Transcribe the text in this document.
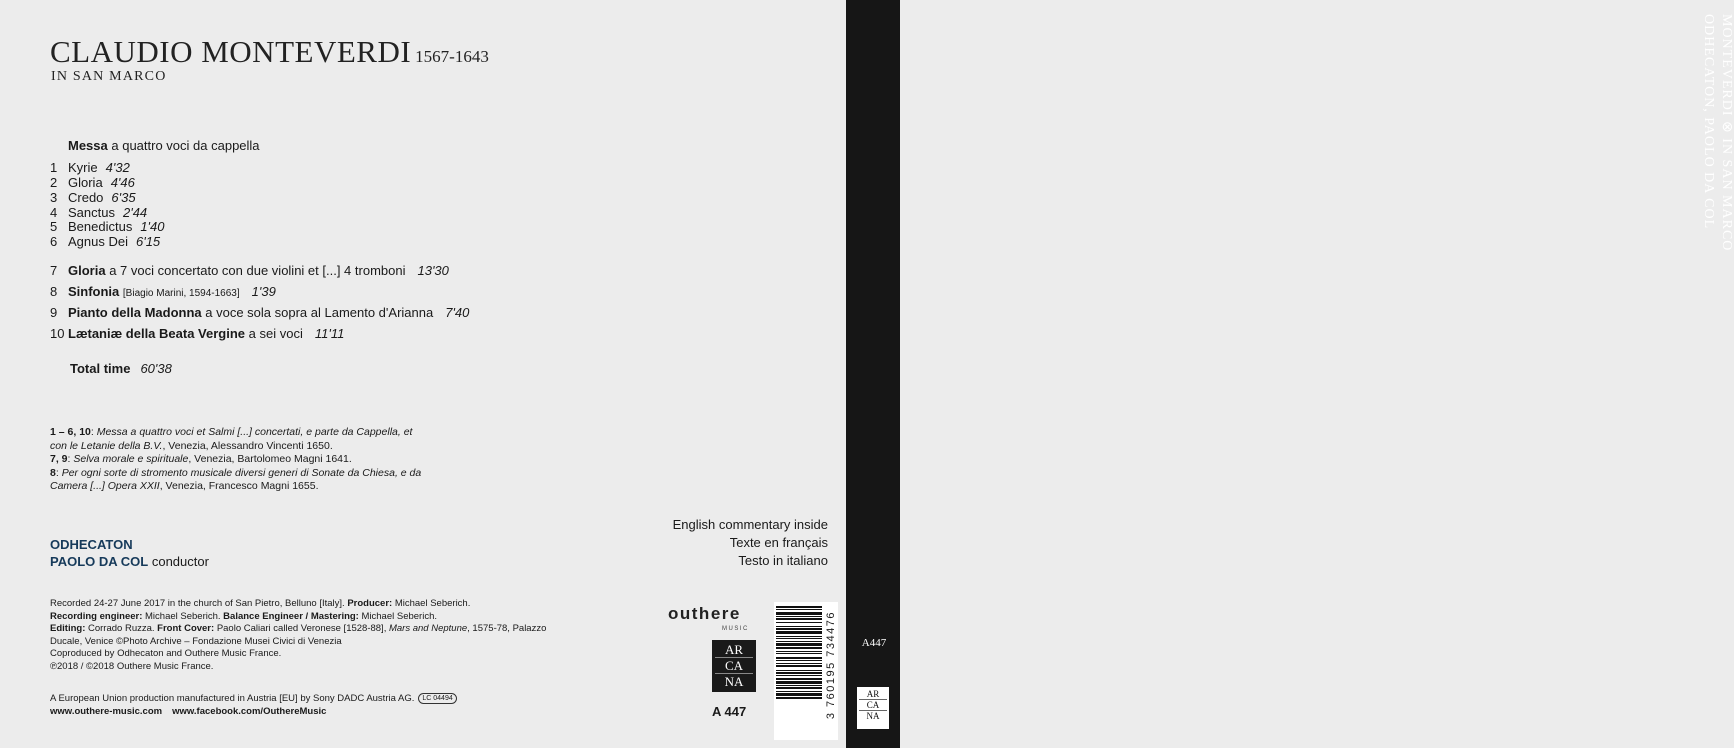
CLAUDIO MONTEVERDI 1567-1643
IN SAN MARCO
Messa a quattro voci da cappella
1 Kyrie 4'32
2 Gloria 4'46
3 Credo 6'35
4 Sanctus 2'44
5 Benedictus 1'40
6 Agnus Dei 6'15
7 Gloria a 7 voci concertato con due violini et [...] 4 tromboni 13'30
8 Sinfonia [Biagio Marini, 1594-1663] 1'39
9 Pianto della Madonna a voce sola sopra al Lamento d'Arianna 7'40
10 Lætaniæ della Beata Vergine a sei voci 11'11
Total time 60'38

1 – 6, 10: Messa a quattro voci et Salmi [...] concertati, e parte da Cappella, et con le Letanie della B.V., Venezia, Alessandro Vincenti 1650.

7, 9: Selva morale e spirituale, Venezia, Bartolomeo Magni 1641.

8: Per ogni sorte di stromento musicale diversi generi di Sonate da Chiesa, e da Camera [...] Opera XXII, Venezia, Francesco Magni 1655.

ODHECATON
PAOLO DA COL conductor
English commentary inside
Texte en français
Testo in italiano

Recorded 24-27 June 2017 in the church of San Pietro, Belluno [Italy]. Producer: Michael Seberich.

Recording engineer: Michael Seberich. Balance Engineer / Mastering: Michael Seberich.

Editing: Corrado Ruzza. Front Cover: Paolo Caliari called Veronese [1528-88], Mars and Neptune, 1575-78, Palazzo Ducale, Venice ©Photo Archive – Fondazione Musei Civici di Venezia

Coproduced by Odhecaton and Outhere Music France.

℗2018 / ©2018 Outhere Music France.

A European Union production manufactured in Austria [EU] by Sony DADC Austria AG. LC 04494
www.outhere-music.com www.facebook.com/OuthereMusic
outhere
MUSIC
AR
CA
NA
A 447	3 760195 734476
MONTEVERDI ⊗ IN SAN MARCO
ODHECATON, PAOLO DA COL
A447
AR
CA
NA
